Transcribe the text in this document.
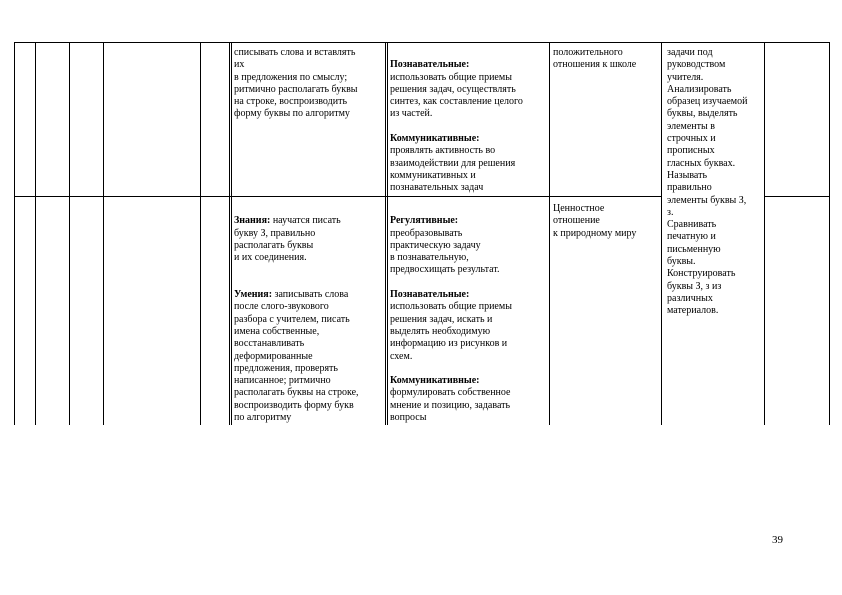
списывать слова и вставлять
их
в предложения по смыслу;
ритмично располагать буквы
на строке, воспроизводить
форму буквы по алгоритму

Познавательные:

использовать общие приемы
решения задач, осуществлять
синтез, как составление целого
из частей.

Коммуникативные:

проявлять активность во
взаимодействии для решения
коммуникативных и
познавательных задач

положительного
отношения к школе
задачи под
руководством
учителя.
Анализировать
образец изучаемой
буквы, выделять
элементы в
строчных и
прописных
гласных буквах.
Называть
правильно
элементы буквы З,
з.
Сравнивать
печатную и
письменную
буквы.
Конструировать
буквы З, з из
различных
материалов.

Знания: научатся писать
букву З, правильно
располагать буквы
и их соединения.

Умения: записывать слова
после слого-звукового
разбора с учителем, писать
имена собственные,
восстанавливать
деформированные
предложения, проверять
написанное; ритмично
располагать буквы на строке,
воспроизводить форму букв
по алгоритму

Регулятивные:

преобразовывать
практическую задачу
в познавательную,
предвосхищать результат.

Познавательные:

использовать общие приемы
решения задач, искать и
выделять необходимую
информацию из рисунков и
схем.

Коммуникативные:

формулировать собственное
мнение и позицию, задавать
вопросы

Ценностное
отношение
к природному миру
39
